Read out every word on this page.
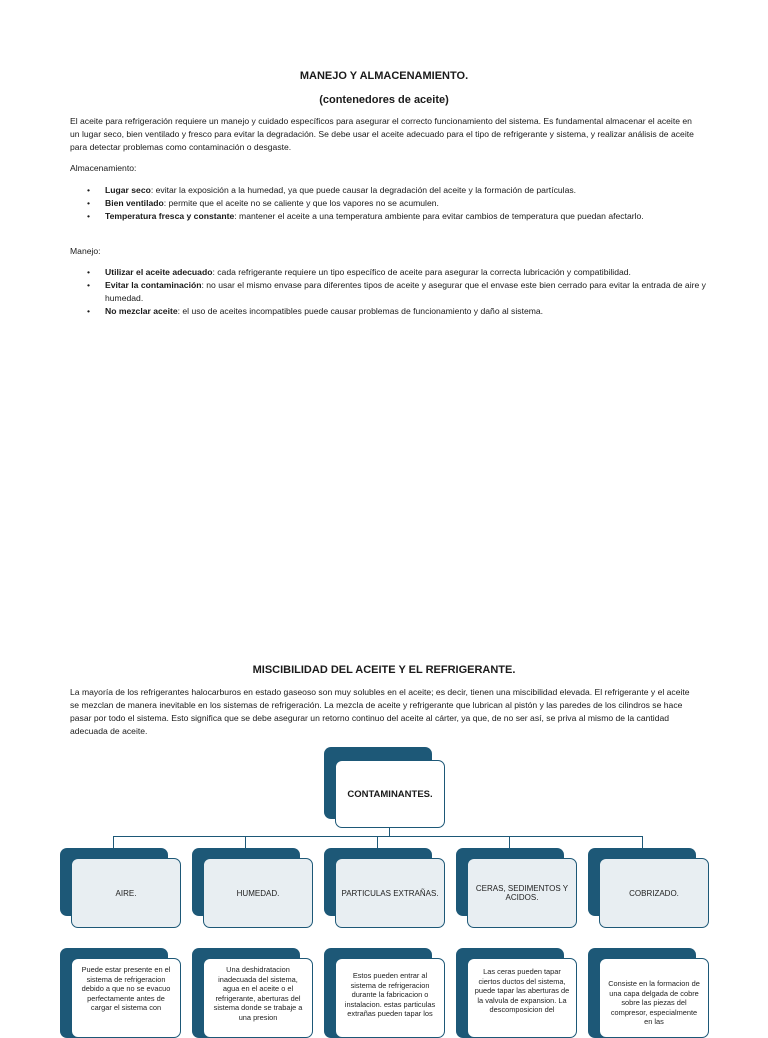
MANEJO Y ALMACENAMIENTO.
(contenedores de aceite)

El aceite para refrigeración requiere un manejo y cuidado específicos para asegurar el correcto funcionamiento del sistema. Es fundamental almacenar el aceite en un lugar seco, bien ventilado y fresco para evitar la degradación. Se debe usar el aceite adecuado para el tipo de refrigerante y sistema, y realizar análisis de aceite para detectar problemas como contaminación o desgaste.

Almacenamiento:

• Lugar seco: evitar la exposición a la humedad, ya que puede causar la degradación del aceite y la formación de partículas.
• Bien ventilado: permite que el aceite no se caliente y que los vapores no se acumulen.
• Temperatura fresca y constante: mantener el aceite a una temperatura ambiente para evitar cambios de temperatura que puedan afectarlo.

Manejo:

• Utilizar el aceite adecuado: cada refrigerante requiere un tipo específico de aceite para asegurar la correcta lubricación y compatibilidad.
• Evitar la contaminación: no usar el mismo envase para diferentes tipos de aceite y asegurar que el envase este bien cerrado para evitar la entrada de aire y humedad.
• No mezclar aceite: el uso de aceites incompatibles puede causar problemas de funcionamiento y daño al sistema.
MISCIBILIDAD DEL ACEITE Y EL REFRIGERANTE.

La mayoría de los refrigerantes halocarburos en estado gaseoso son muy solubles en el aceite; es decir, tienen una miscibilidad elevada. El refrigerante y el aceite se mezclan de manera inevitable en los sistemas de refrigeración. La mezcla de aceite y refrigerante que lubrican al pistón y las paredes de los cilindros se hace pasar por todo el sistema. Esto significa que se debe asegurar un retorno continuo del aceite al cárter, ya que, de no ser así, se priva al mismo de la cantidad adecuada de aceite.

CONTAMINANTES.
AIRE.	HUMEDAD.	PARTICULAS EXTRAÑAS.	CERAS, SEDIMENTOS Y ACIDOS.	COBRIZADO.
Puede estar presente en el sistema de refrigeracion debido a que no se evacuo perfectamente antes de cargar el sistema con
Una deshidratacion inadecuada del sistema, agua en el aceite o el refrigerante, aberturas del sistema donde se trabaje a una presion
Estos pueden entrar al sistema de refrigeracion durante la fabricacion o instalacion. estas particulas extrañas pueden tapar los
Las ceras pueden tapar ciertos ductos del sistema, puede tapar las aberturas de la valvula de expansion. La descomposicion del
Consiste en la formacion de una capa delgada de cobre sobre las piezas del compresor, especialmente en las
